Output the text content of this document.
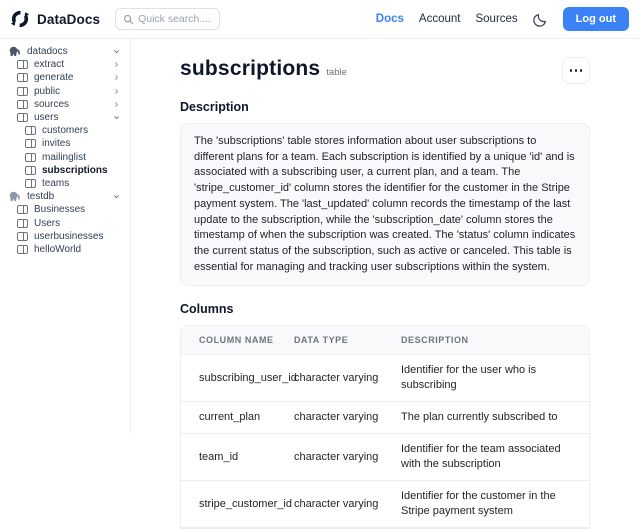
DataDocs
Quick search....	Docs Account Sources	Log out
datadocs
extract
generate
public
sources
users
customers
invites
mailinglist
subscriptions
teams
testdb
Businesses
Users
userbusinesses
helloWorld
subscriptions table
Description
The 'subscriptions' table stores information about user subscriptions to different plans for a team. Each subscription is identified by a unique 'id' and is associated with a subscribing user, a current plan, and a team. The 'stripe_customer_id' column stores the identifier for the customer in the Stripe payment system. The 'last_updated' column records the timestamp of the last update to the subscription, while the 'subscription_date' column stores the timestamp of when the subscription was created. The 'status' column indicates the current status of the subscription, such as active or canceled. This table is essential for managing and tracking user subscriptions within the system.
Columns
COLUMN NAME	DATA TYPE	DESCRIPTION
subscribing_user_id	character varying	Identifier for the user who is subscribing
current_plan	character varying	The plan currently subscribed to
team_id	character varying	Identifier for the team associated with the subscription
stripe_customer_id	character varying	Identifier for the customer in the Stripe payment system
